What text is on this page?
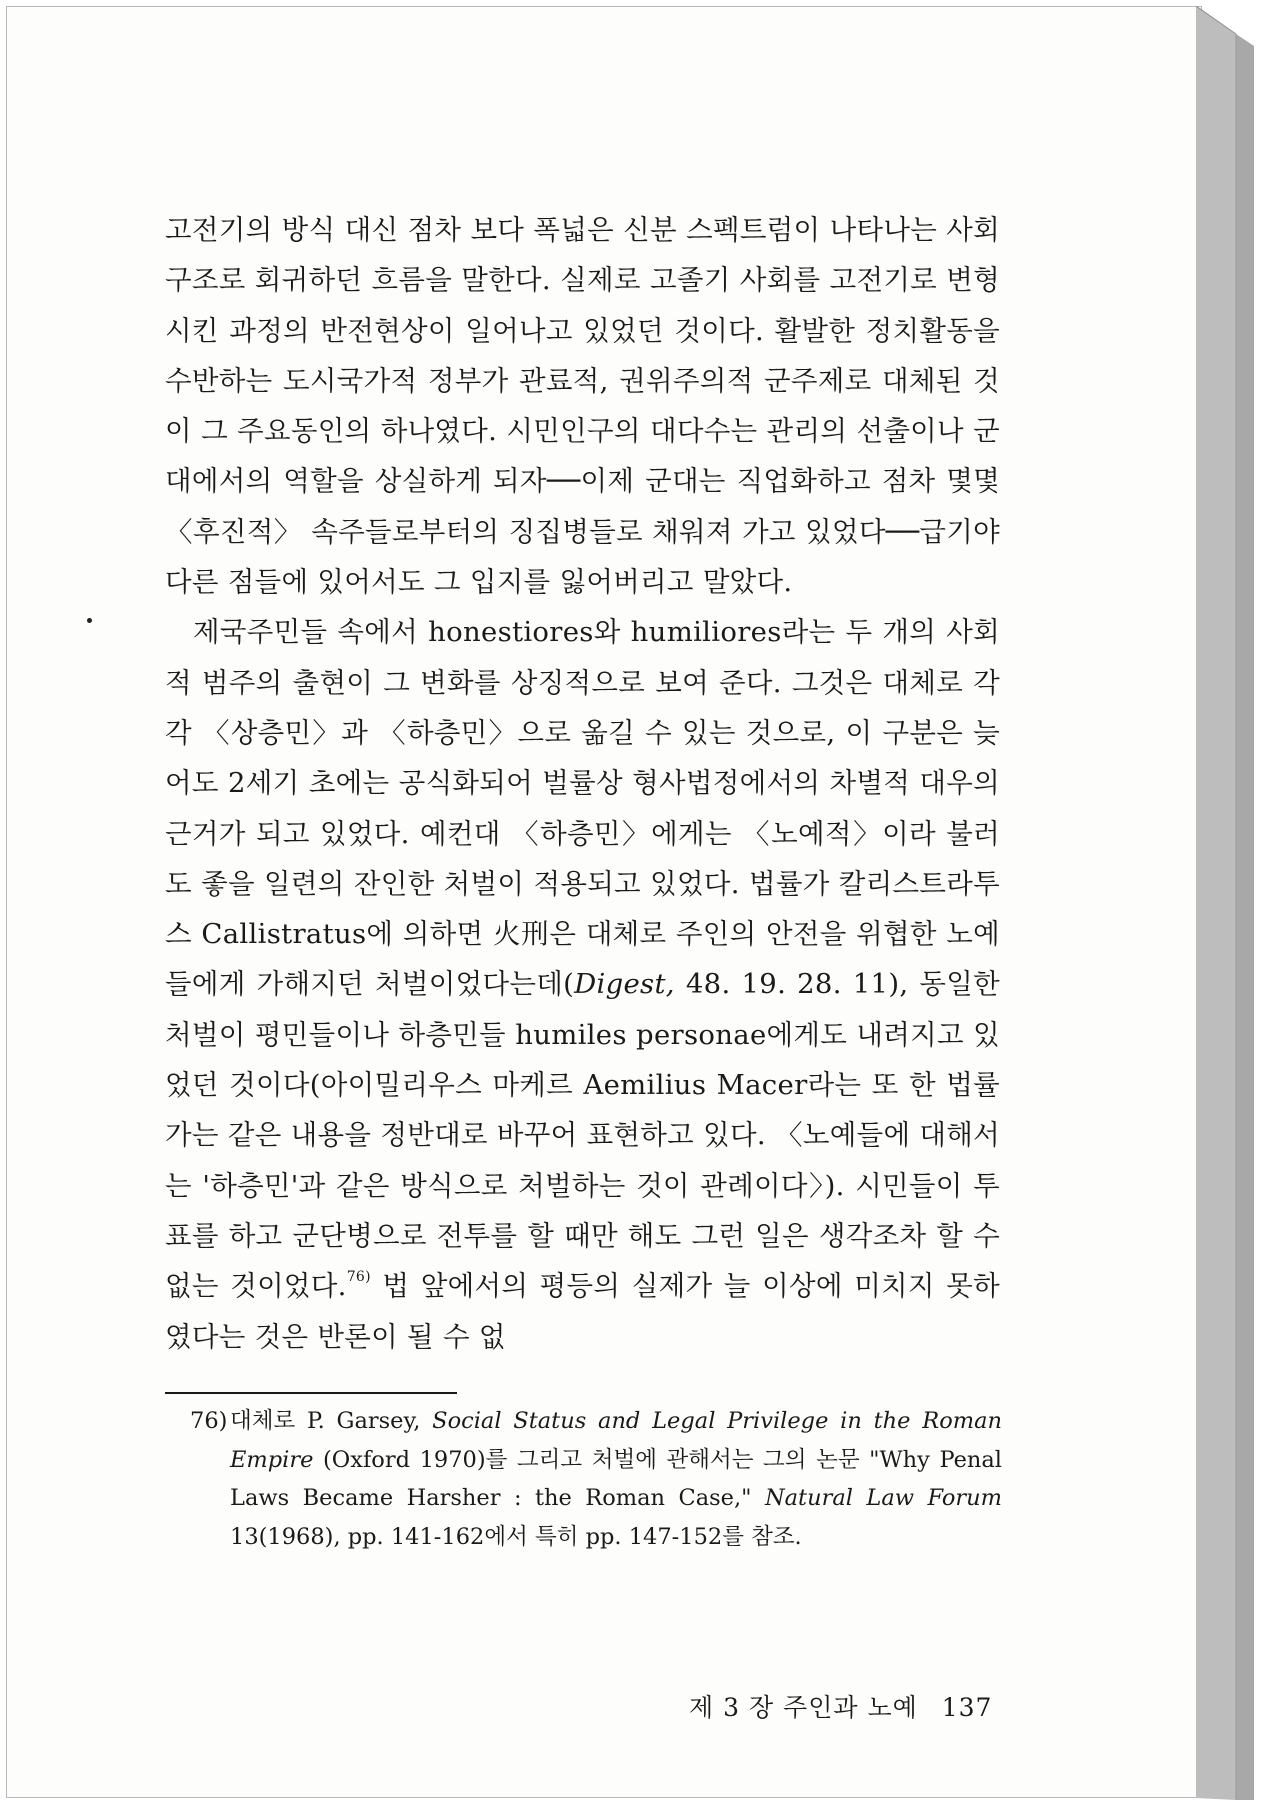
고전기의 방식 대신 점차 보다 폭넓은 신분 스펙트럼이 나타나는 사회구조로 회귀하던 흐름을 말한다. 실제로 고졸기 사회를 고전기로 변형시킨 과정의 반전현상이 일어나고 있었던 것이다. 활발한 정치활동을 수반하는 도시국가적 정부가 관료적, 권위주의적 군주제로 대체된 것이 그 주요동인의 하나였다. 시민인구의 대다수는 관리의 선출이나 군대에서의 역할을 상실하게 되자──이제 군대는 직업화하고 점차 몇몇 〈후진적〉 속주들로부터의 징집병들로 채워져 가고 있었다──급기야 다른 점들에 있어서도 그 입지를 잃어버리고 말았다.

제국주민들 속에서 honestiores와 humiliores라는 두 개의 사회적 범주의 출현이 그 변화를 상징적으로 보여 준다. 그것은 대체로 각각 〈상층민〉과 〈하층민〉으로 옮길 수 있는 것으로, 이 구분은 늦어도 2세기 초에는 공식화되어 벌률상 형사법정에서의 차별적 대우의 근거가 되고 있었다. 예컨대 〈하층민〉에게는 〈노예적〉이라 불러도 좋을 일련의 잔인한 처벌이 적용되고 있었다. 법률가 칼리스트라투스 Callistratus에 의하면 火刑은 대체로 주인의 안전을 위협한 노예들에게 가해지던 처벌이었다는데(Digest, 48. 19. 28. 11), 동일한 처벌이 평민들이나 하층민들 humiles personae에게도 내려지고 있었던 것이다(아이밀리우스 마케르 Aemilius Macer라는 또 한 법률가는 같은 내용을 정반대로 바꾸어 표현하고 있다. 〈노예들에 대해서는 '하층민'과 같은 방식으로 처벌하는 것이 관례이다〉). 시민들이 투표를 하고 군단병으로 전투를 할 때만 해도 그런 일은 생각조차 할 수 없는 것이었다.$^{76)}$ 법 앞에서의 평등의 실제가 늘 이상에 미치지 못하였다는 것은 반론이 될 수 없

76) 대체로 P. Garsey, Social Status and Legal Privilege in the Roman Empire (Oxford 1970)를 그리고 처벌에 관해서는 그의 논문 "Why Penal Laws Became Harsher : the Roman Case," Natural Law Forum 13(1968), pp. 141-162에서 특히 pp. 147-152를 참조.
제 3 장 주인과 노예 137
